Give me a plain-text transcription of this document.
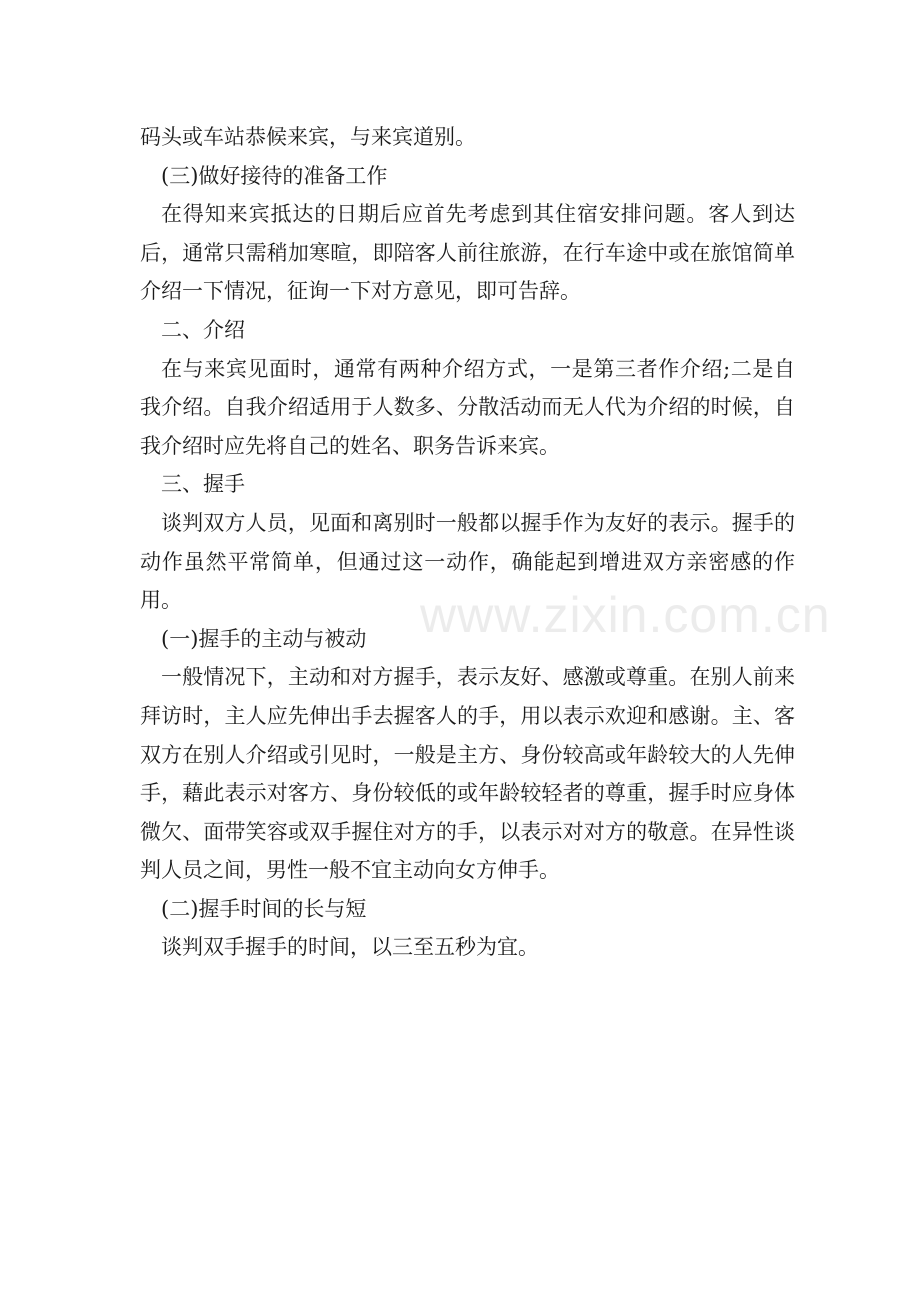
码头或车站恭候来宾，与来宾道别。

(三)做好接待的准备工作

在得知来宾抵达的日期后应首先考虑到其住宿安排问题。客人到达后，通常只需稍加寒暄，即陪客人前往旅游，在行车途中或在旅馆简单介绍一下情况，征询一下对方意见，即可告辞。

二、介绍

在与来宾见面时，通常有两种介绍方式，一是第三者作介绍;二是自我介绍。自我介绍适用于人数多、分散活动而无人代为介绍的时候，自我介绍时应先将自己的姓名、职务告诉来宾。

三、握手

谈判双方人员，见面和离别时一般都以握手作为友好的表示。握手的动作虽然平常简单，但通过这一动作，确能起到增进双方亲密感的作用。

(一)握手的主动与被动

一般情况下，主动和对方握手，表示友好、感激或尊重。在别人前来拜访时，主人应先伸出手去握客人的手，用以表示欢迎和感谢。主、客双方在别人介绍或引见时，一般是主方、身份较高或年龄较大的人先伸手，藉此表示对客方、身份较低的或年龄较轻者的尊重，握手时应身体微欠、面带笑容或双手握住对方的手，以表示对对方的敬意。在异性谈判人员之间，男性一般不宜主动向女方伸手。

(二)握手时间的长与短

谈判双手握手的时间，以三至五秒为宜。

www.zixin.com.cn
